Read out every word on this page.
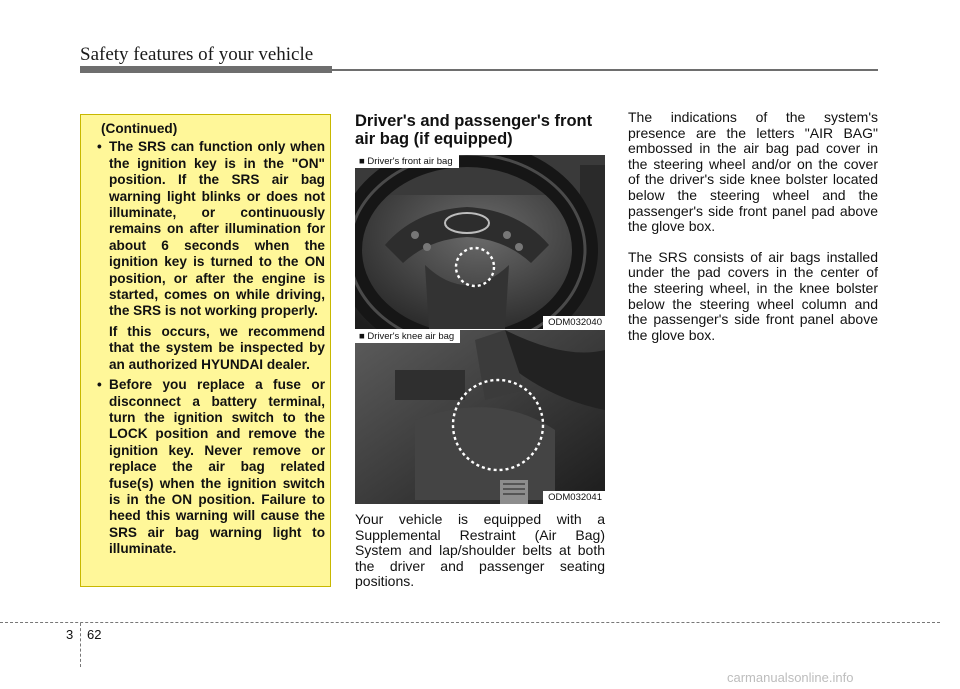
Safety features of your vehicle
(Continued)
• The SRS can function only when the ignition key is in the "ON" position. If the SRS air bag warning light blinks or does not illuminate, or continuously remains on after illumination for about 6 seconds when the ignition key is turned to the ON position, or after the engine is started, comes on while driving, the SRS is not working properly.
If this occurs, we recommend that the system be inspected by an authorized HYUNDAI dealer.
• Before you replace a fuse or disconnect a battery terminal, turn the ignition switch to the LOCK position and remove the ignition key. Never remove or replace the air bag related fuse(s) when the ignition switch is in the ON position. Failure to heed this warning will cause the SRS air bag warning light to illuminate.
Driver's and passenger's front air bag (if equipped)
■ Driver's front air bag
ODM032040
■ Driver's knee air bag
ODM032041

Your vehicle is equipped with a Supplemental Restraint (Air Bag) System and lap/shoulder belts at both the driver and passenger seating positions.

The indications of the system's presence are the letters "AIR BAG" embossed in the air bag pad cover in the steering wheel and/or on the cover of the driver's side knee bolster located below the steering wheel and the passenger's side front panel pad above the glove box.

The SRS consists of air bags installed under the pad covers in the center of the steering wheel, in the knee bolster below the steering wheel column and the passenger's side front panel above the glove box.

3 62
carmanualsonline.info
